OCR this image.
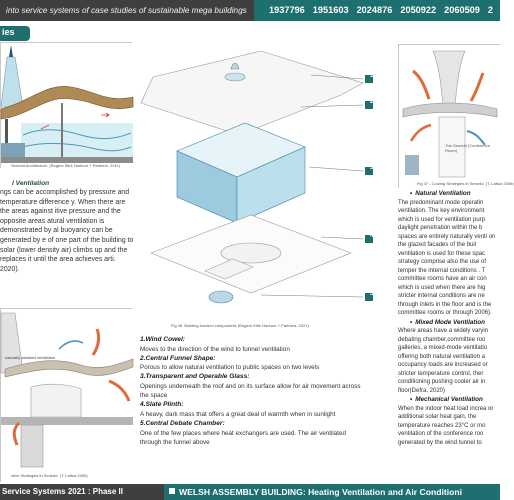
into service systems of case studies of sustainable mega buildings	1937796 1951603 2024876 2050922 2060509 2
ies
Senedd Architecture. (Rogers Stirk Harbour + Partners, 2011)
l Ventilation

ngs can be accomplished by pressure and temperature difference y. When there are the areas against itive pressure and the opposite areas atural ventilation is demonstrated by al buoyancy can be generated by e of one part of the building to solar (lower density air) climbs up and the replaces it until the area achieves arti. 2020).

naturally assisted ventilation
ctive Strategies in Senedd. (T. Lattua 2006)
Fig 46. Building function components (Rogers Stirk Harbour + Partners, 2021)
1
2
3
4
5
1.Wind Cowel:
Moves to the direction of the wind to funnel ventilation
2.Central Funnel Shape:
Porous to allow natural ventilation to public spaces on two levels
3.Transparent and Operable Glass:
Openings underneath the roof and on its surface allow for air movement across the space
4.Slate Plinth:
A heavy, dark mass that offers a great deal of warmth when in sunlight
5.Central Debate Chamber:
One of the few places where heat exchangers are used. The air ventilated through the funnel above
The Senedd (Conference Room)
Fig 47 - Cooling Strategies in Senedd. (T. Lattua 2006)
• Natural Ventilation

The predominant mode operatin ventilation. The key environment which is used for ventilation purp daylight penetration within the b spaces are entirely naturally venti on the glazed facades of the buil ventilation is used for these spac strategy comprise also the use of temper the internal conditions . T committee rooms have an air con which is used when there are hig stricter internal conditions are ne through inlets in the floor and is the committee rooms or through 2006).

• Mixed Mode Ventilation

Where areas have a widely varyin debating chamber,committee roo galleries, a mixed-mode ventilatio offering both natural ventilation a occupancy loads are increased or stricter temperature control, ther conditioning pushing cooler air in floor(Defra. 2020)

• Mechanical Ventilation

When the indoor heat load increa or additional solar heat gain, the temperature reaches 23°C or mo ventilation of the conference roo generated by the wind tunnel to

Service Systems 2021 : Phase II	WELSH ASSEMBLY BUILDING: Heating Ventilation and Air Conditioni
